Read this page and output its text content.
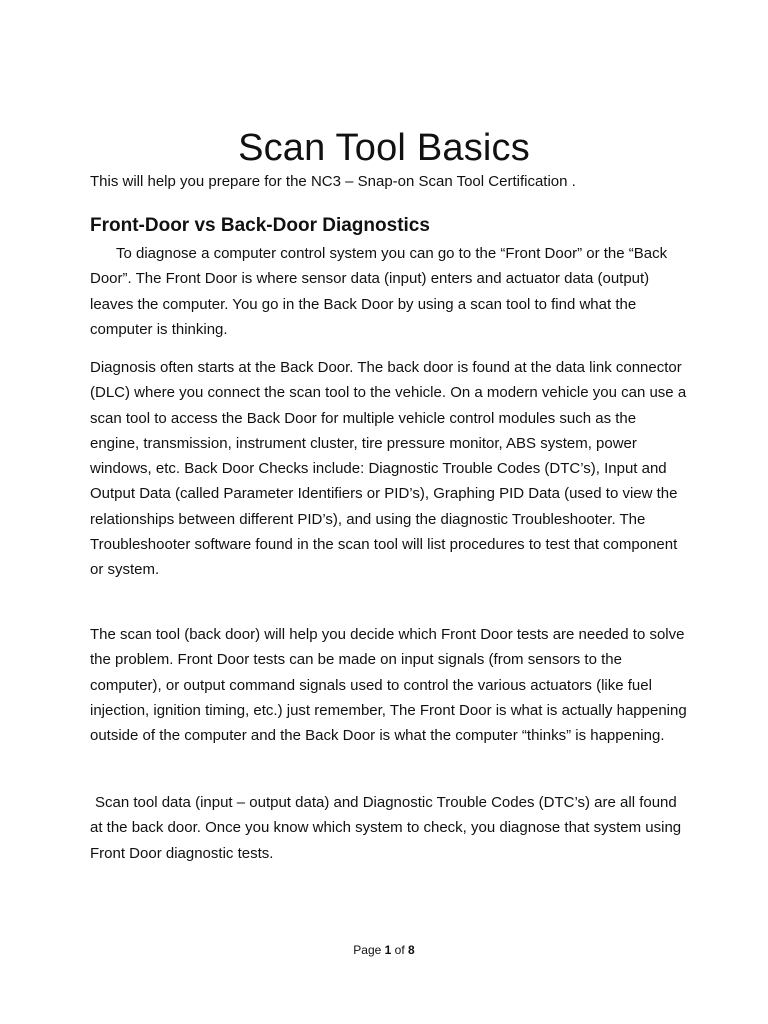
Scan Tool Basics
This will help you prepare for the NC3 – Snap-on Scan Tool Certification .
Front-Door vs Back-Door Diagnostics

To diagnose a computer control system you can go to the “Front Door” or the “Back Door”. The Front Door is where sensor data (input) enters and actuator data (output) leaves the computer. You go in the Back Door by using a scan tool to find what the computer is thinking.

Diagnosis often starts at the Back Door. The back door is found at the data link connector (DLC) where you connect the scan tool to the vehicle. On a modern vehicle you can use a scan tool to access the Back Door for multiple vehicle control modules such as the engine, transmission, instrument cluster, tire pressure monitor, ABS system, power windows, etc. Back Door Checks include: Diagnostic Trouble Codes (DTC’s), Input and Output Data (called Parameter Identifiers or PID’s), Graphing PID Data (used to view the relationships between different PID’s), and using the diagnostic Troubleshooter. The Troubleshooter software found in the scan tool will list procedures to test that component or system.

The scan tool (back door) will help you decide which Front Door tests are needed to solve the problem. Front Door tests can be made on input signals (from sensors to the computer), or output command signals used to control the various actuators (like fuel injection, ignition timing, etc.) just remember, The Front Door is what is actually happening outside of the computer and the Back Door is what the computer “thinks” is happening.

Scan tool data (input – output data) and Diagnostic Trouble Codes (DTC’s) are all found at the back door. Once you know which system to check, you diagnose that system using Front Door diagnostic tests.

Page 1 of 8
